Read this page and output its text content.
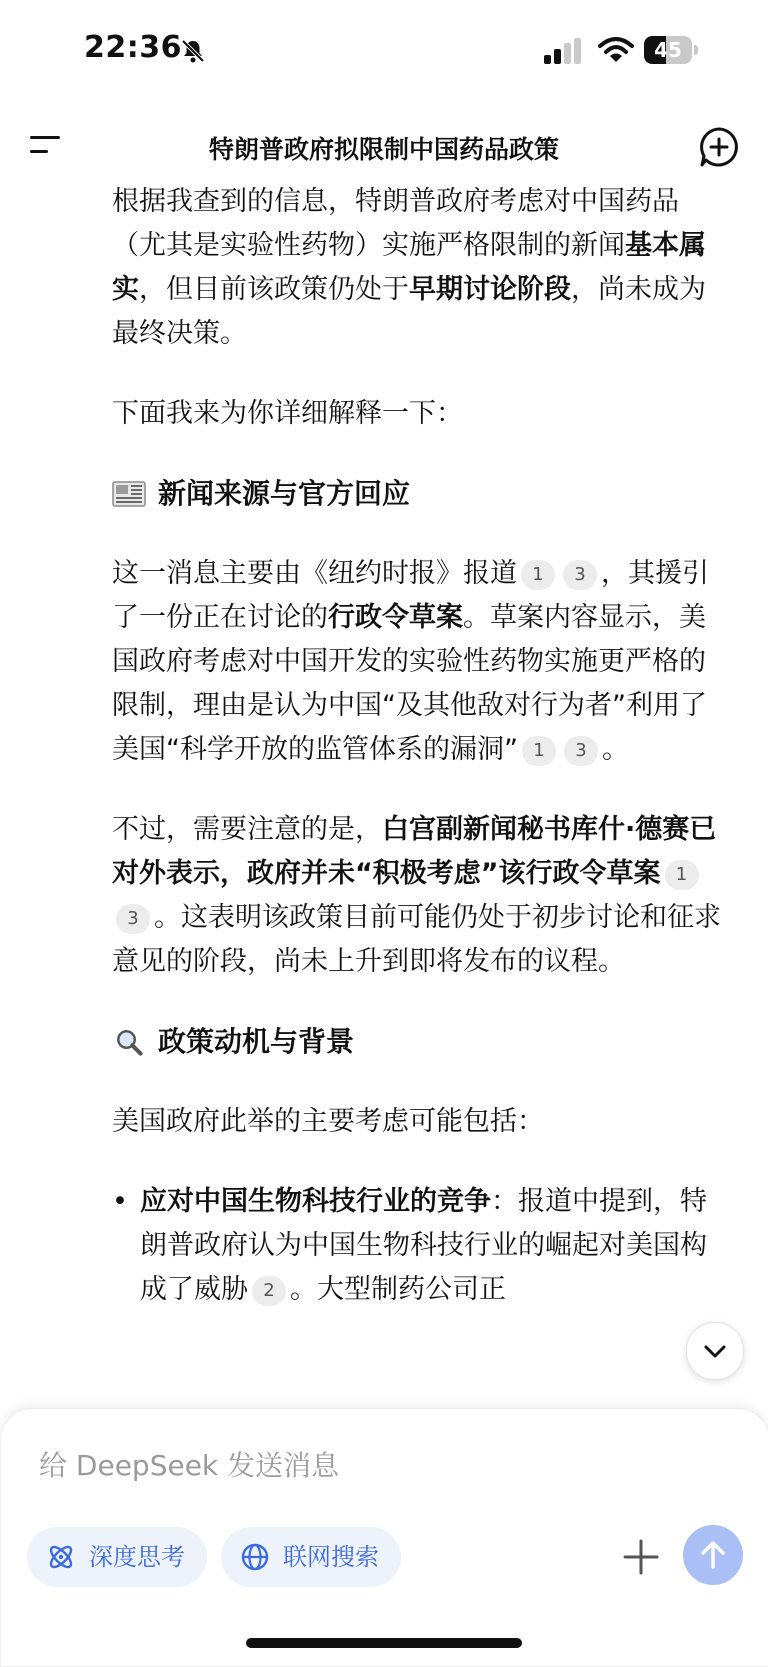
22:36	45
特朗普政府拟限制中国药品政策

根据我查到的信息，特朗普政府考虑对中国药品（尤其是实验性药物）实施严格限制的新闻基本属实，但目前该政策仍处于早期讨论阶段，尚未成为最终决策。

下面我来为你详细解释一下：

新闻来源与官方回应

这一消息主要由《纽约时报》报道 1 3 ，其援引了一份正在讨论的行政令草案。草案内容显示，美国政府考虑对中国开发的实验性药物实施更严格的限制，理由是认为中国“及其他敌对行为者”利用了美国“科学开放的监管体系的漏洞” 1 3 。

不过，需要注意的是，白宫副新闻秘书库什·德赛已对外表示，政府并未“积极考虑”该行政令草案 13 。这表明该政策目前可能仍处于初步讨论和征求意见的阶段，尚未上升到即将发布的议程。

政策动机与背景

美国政府此举的主要考虑可能包括：

• 应对中国生物科技行业的竞争：报道中提到，特朗普政府认为中国生物科技行业的崛起对美国构成了威胁 2 。大型制药公司正
给 DeepSeek 发送消息
深度思考	联网搜索
